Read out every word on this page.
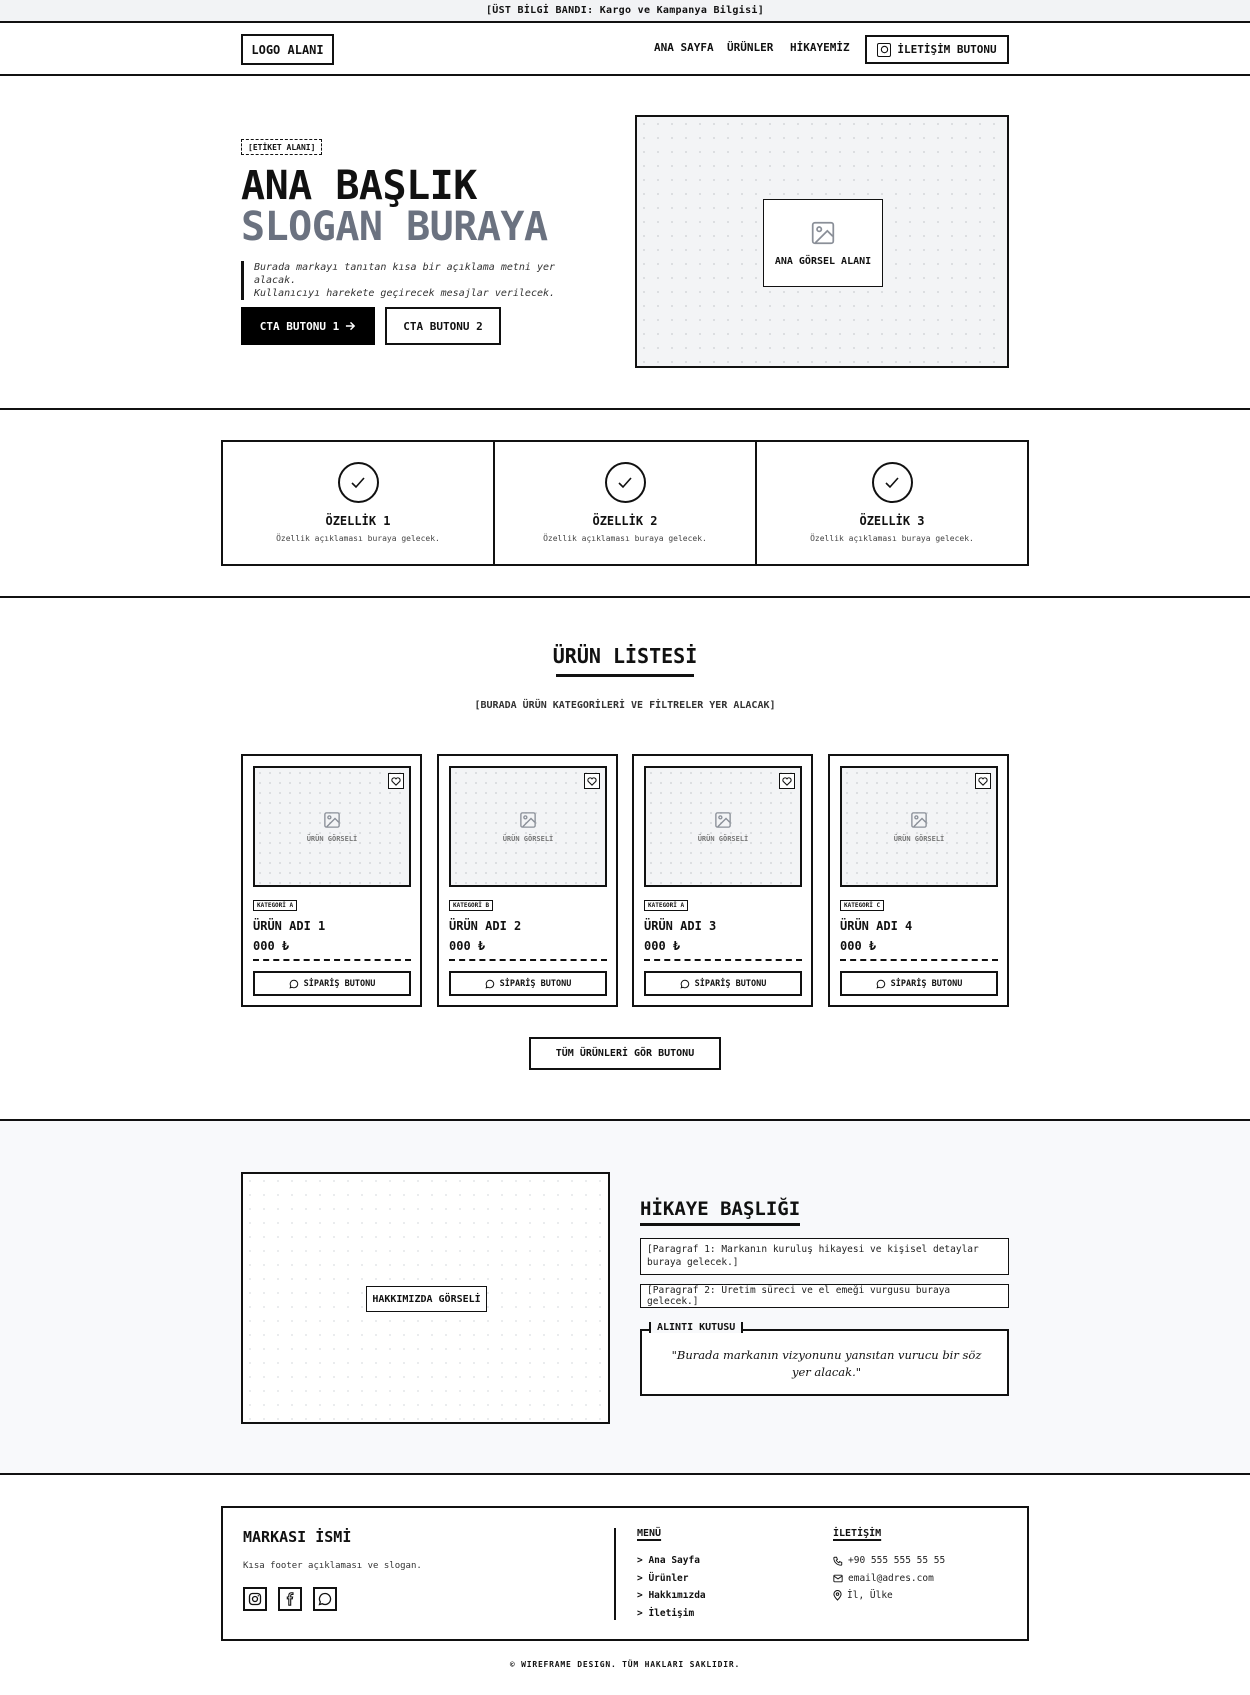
[ÜST BİLGİ BANDI: Kargo ve Kampanya Bilgisi]
LOGO ALANI	ANA SAYFA ÜRÜNLER HİKAYEMİZ	İLETİŞİM BUTONU
[ETİKET ALANI]
ANA BAŞLIK
SLOGAN BURAYA
Burada markayı tanıtan kısa bir açıklama metni yer alacak.
Kullanıcıyı harekete geçirecek mesajlar verilecek.
CTA BUTONU 1	CTA BUTONU 2
ANA GÖRSEL ALANI
ÖZELLİK 1
Özellik açıklaması buraya gelecek.
ÖZELLİK 2
Özellik açıklaması buraya gelecek.
ÖZELLİK 3
Özellik açıklaması buraya gelecek.
ÜRÜN LİSTESİ
[BURADA ÜRÜN KATEGORİLERİ VE FİLTRELER YER ALACAK]
ÜRÜN GÖRSELİ
KATEGORİ A
ÜRÜN ADI 1
000 ₺
SİPARİŞ BUTONU
ÜRÜN GÖRSELİ
KATEGORİ B
ÜRÜN ADI 2
000 ₺
SİPARİŞ BUTONU
ÜRÜN GÖRSELİ
KATEGORİ A
ÜRÜN ADI 3
000 ₺
SİPARİŞ BUTONU
ÜRÜN GÖRSELİ
KATEGORİ C
ÜRÜN ADI 4
000 ₺
SİPARİŞ BUTONU
TÜM ÜRÜNLERİ GÖR BUTONU
HAKKIMIZDA GÖRSELİ
HİKAYE BAŞLIĞI
[Paragraf 1: Markanın kuruluş hikayesi ve kişisel detaylar buraya gelecek.]
[Paragraf 2: Üretim süreci ve el emeği vurgusu buraya gelecek.]
ALINTI KUTUSU
"Burada markanın vizyonunu yansıtan vurucu bir söz yer alacak."
MARKASI İSMİ
Kısa footer açıklaması ve slogan.
MENÜ
> Ana Sayfa
> Ürünler
> Hakkımızda
> İletişim
İLETİŞİM
+90 555 555 55 55
email@adres.com
İl, Ülke
© WIREFRAME DESIGN. TÜM HAKLARI SAKLIDIR.
